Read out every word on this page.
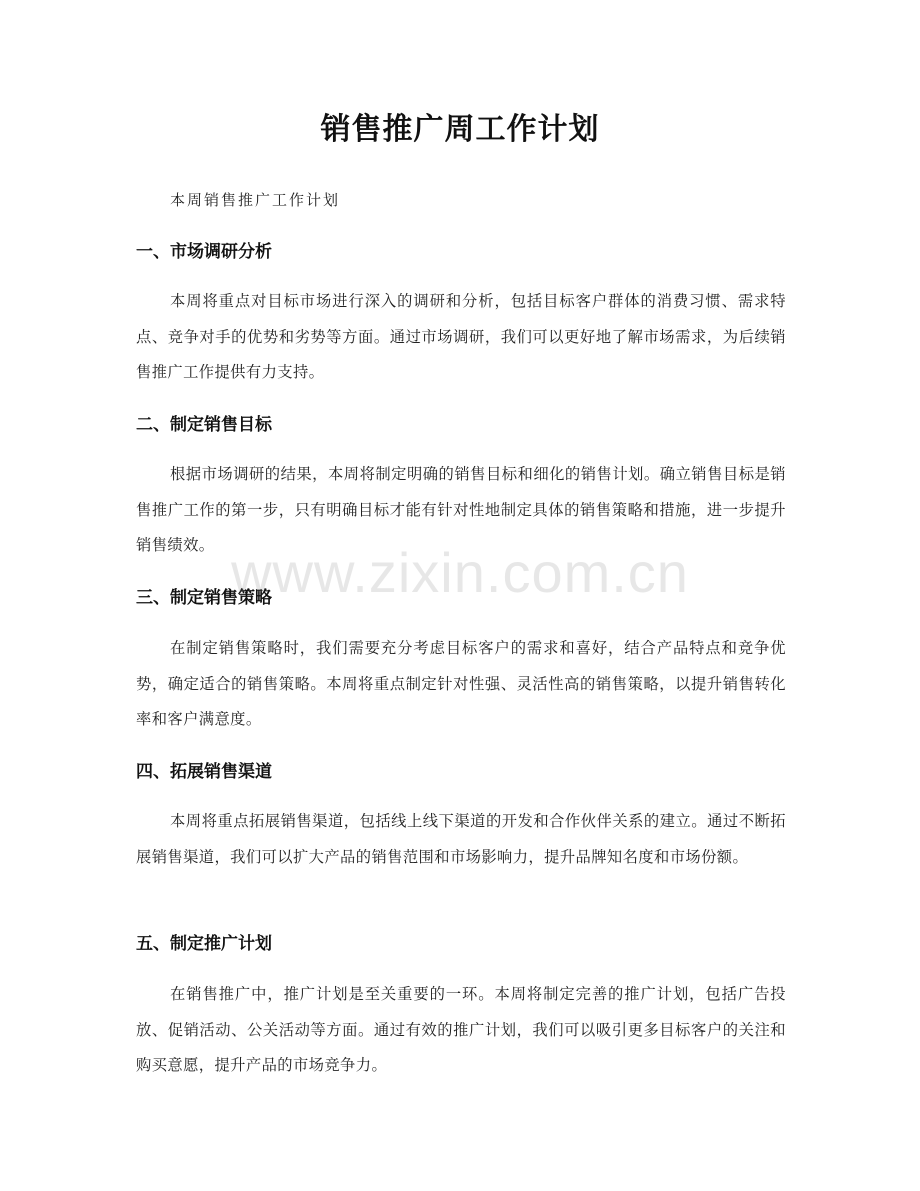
销售推广周工作计划
本周销售推广工作计划
一、市场调研分析

本周将重点对目标市场进行深入的调研和分析，包括目标客户群体的消费习惯、需求特点、竞争对手的优势和劣势等方面。通过市场调研，我们可以更好地了解市场需求，为后续销售推广工作提供有力支持。

二、制定销售目标

根据市场调研的结果，本周将制定明确的销售目标和细化的销售计划。确立销售目标是销售推广工作的第一步，只有明确目标才能有针对性地制定具体的销售策略和措施，进一步提升销售绩效。

三、制定销售策略

在制定销售策略时，我们需要充分考虑目标客户的需求和喜好，结合产品特点和竞争优势，确定适合的销售策略。本周将重点制定针对性强、灵活性高的销售策略，以提升销售转化率和客户满意度。

四、拓展销售渠道

本周将重点拓展销售渠道，包括线上线下渠道的开发和合作伙伴关系的建立。通过不断拓展销售渠道，我们可以扩大产品的销售范围和市场影响力，提升品牌知名度和市场份额。

五、制定推广计划

在销售推广中，推广计划是至关重要的一环。本周将制定完善的推广计划，包括广告投放、促销活动、公关活动等方面。通过有效的推广计划，我们可以吸引更多目标客户的关注和购买意愿，提升产品的市场竞争力。

www.zixin.com.cn
